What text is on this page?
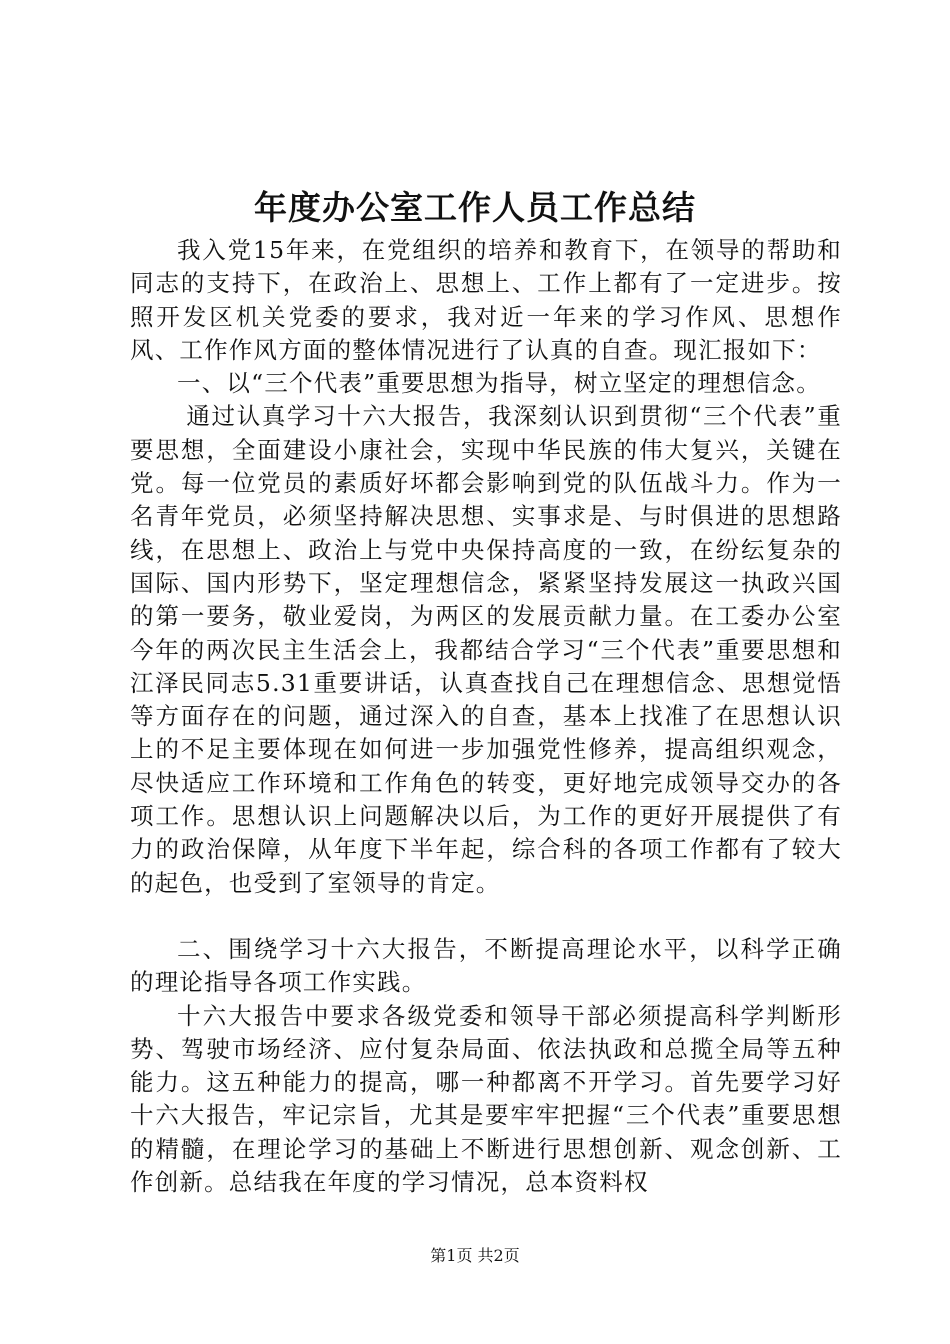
年度办公室工作人员工作总结

我入党15年来，在党组织的培养和教育下，在领导的帮助和同志的支持下，在政治上、思想上、工作上都有了一定进步。按照开发区机关党委的要求，我对近一年来的学习作风、思想作风、工作作风方面的整体情况进行了认真的自查。现汇报如下：

一、以“三个代表”重要思想为指导，树立坚定的理想信念。

通过认真学习十六大报告，我深刻认识到贯彻“三个代表”重要思想，全面建设小康社会，实现中华民族的伟大复兴，关键在党。每一位党员的素质好坏都会影响到党的队伍战斗力。作为一名青年党员，必须坚持解决思想、实事求是、与时俱进的思想路线，在思想上、政治上与党中央保持高度的一致，在纷纭复杂的国际、国内形势下，坚定理想信念，紧紧坚持发展这一执政兴国的第一要务，敬业爱岗，为两区的发展贡献力量。在工委办公室今年的两次民主生活会上，我都结合学习“三个代表”重要思想和江泽民同志5.31重要讲话，认真查找自己在理想信念、思想觉悟等方面存在的问题，通过深入的自查，基本上找准了在思想认识上的不足主要体现在如何进一步加强党性修养，提高组织观念，尽快适应工作环境和工作角色的转变，更好地完成领导交办的各项工作。思想认识上问题解决以后，为工作的更好开展提供了有力的政治保障，从年度下半年起，综合科的各项工作都有了较大的起色，也受到了室领导的肯定。

二、围绕学习十六大报告，不断提高理论水平，以科学正确的理论指导各项工作实践。

十六大报告中要求各级党委和领导干部必须提高科学判断形势、驾驶市场经济、应付复杂局面、依法执政和总揽全局等五种能力。这五种能力的提高，哪一种都离不开学习。首先要学习好十六大报告，牢记宗旨，尤其是要牢牢把握“三个代表”重要思想的精髓，在理论学习的基础上不断进行思想创新、观念创新、工作创新。总结我在年度的学习情况，总本资料权

第1页 共2页
